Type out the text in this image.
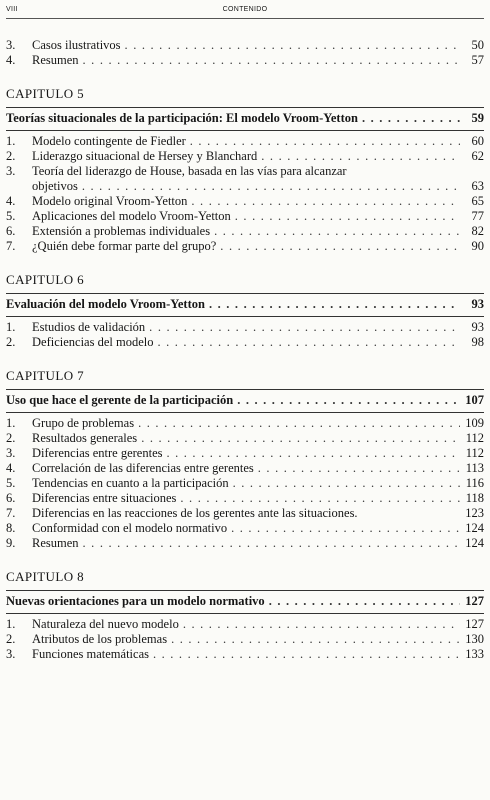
VIII	CONTENIDO
3.	Casos ilustrativos . . .	50
4.	Resumen . . .	57
CAPITULO 5
Teorías situacionales de la participación: El modelo Vroom-Yetton . . .	59
1.	Modelo contingente de Fiedler . . .	60
2.	Liderazgo situacional de Hersey y Blanchard . . .	62
3.	Teoría del liderazgo de House, basada en las vías para alcanzar
objetivos . . .	63
4.	Modelo original Vroom-Yetton . . .	65
5.	Aplicaciones del modelo Vroom-Yetton . . .	77
6.	Extensión a problemas individuales . . .	82
7.	¿Quién debe formar parte del grupo? . . .	90
CAPITULO 6
Evaluación del modelo Vroom-Yetton . . .	93
1.	Estudios de validación . . .	93
2.	Deficiencias del modelo . . .	98
CAPITULO 7
Uso que hace el gerente de la participación . . .	107
1.	Grupo de problemas . . .	109
2.	Resultados generales . . .	112
3.	Diferencias entre gerentes . . .	112
4.	Correlación de las diferencias entre gerentes . . .	113
5.	Tendencias en cuanto a la participación . . .	116
6.	Diferencias entre situaciones . . .	118
7.	Diferencias en las reacciones de los gerentes ante las situaciones.	123
8.	Conformidad con el modelo normativo . . .	124
9.	Resumen . . .	124
CAPITULO 8
Nuevas orientaciones para un modelo normativo . . .	127
1.	Naturaleza del nuevo modelo . . .	127
2.	Atributos de los problemas . . .	130
3.	Funciones matemáticas . . .	133
